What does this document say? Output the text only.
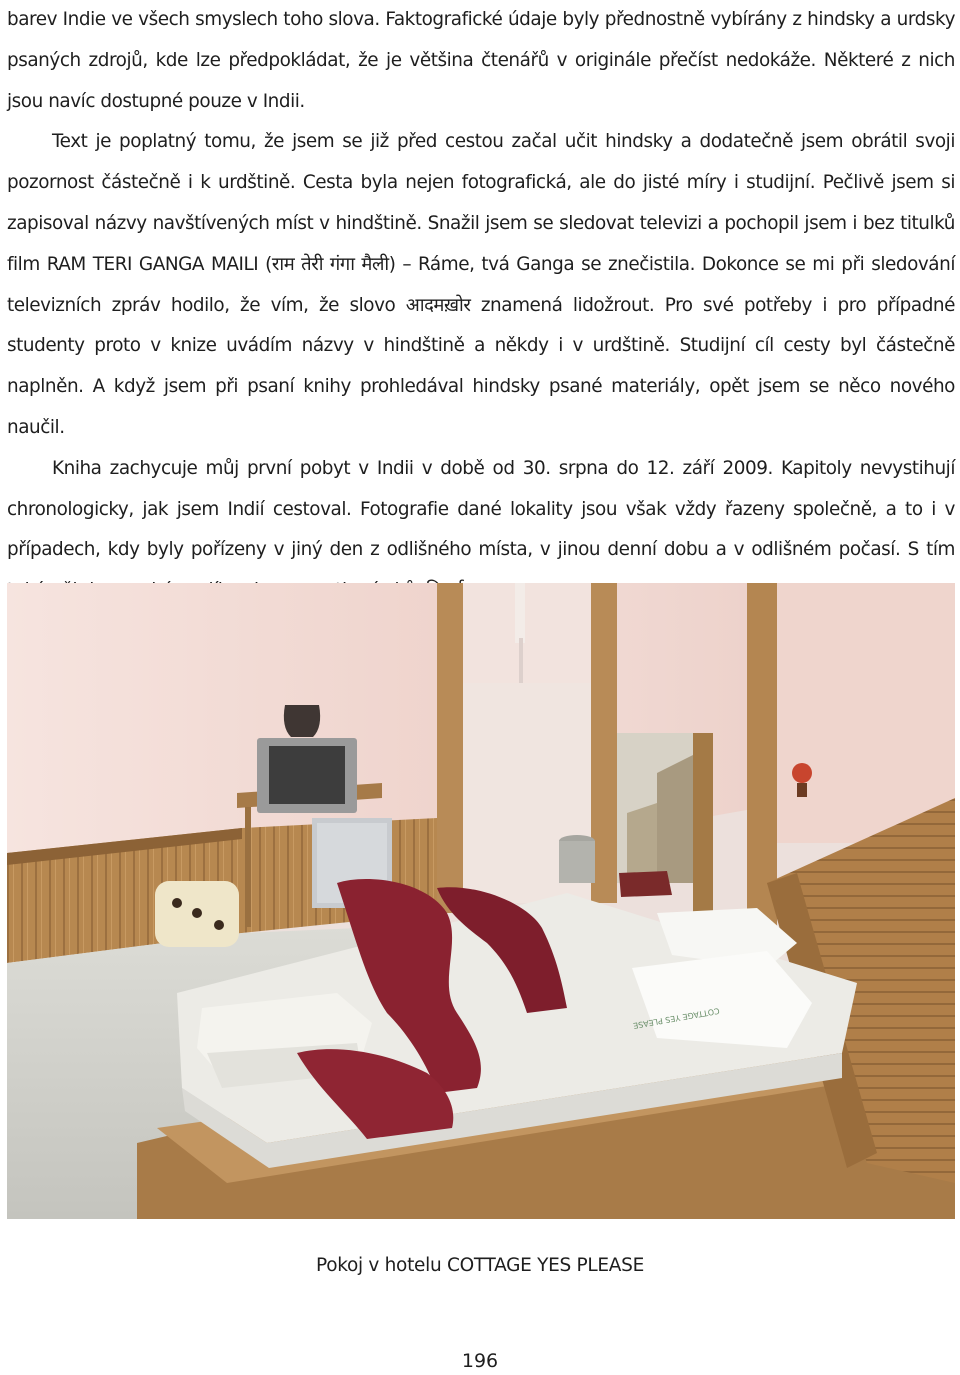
barev Indie ve všech smyslech toho slova. Faktografické údaje byly přednostně vybírány z hindsky a urdsky psaných zdrojů, kde lze předpokládat, že je většina čtenářů v originále přečíst nedokáže. Některé z nich jsou navíc dostupné pouze v Indii.

Text je poplatný tomu, že jsem se již před cestou začal učit hindsky a dodatečně jsem obrátil svoji pozornost částečně i k urdštině. Cesta byla nejen fotografická, ale do jisté míry i studijní. Pečlivě jsem si zapisoval názvy navštívených míst v hindštině. Snažil jsem se sledovat televizi a pochopil jsem i bez titulků film RAM TERI GANGA MAILI (राम तेरी गंगा मैली) – Ráme, tvá Ganga se znečistila. Dokonce se mi při sledování televizních zpráv hodilo, že vím, že slovo आदमख़ोर znamená lidožrout. Pro své potřeby i pro případné studenty proto v knize uvádím názvy v hindštině a někdy i v urdštině. Studijní cíl cesty byl částečně naplněn. A když jsem při psaní knihy prohledával hindsky psané materiály, opět jsem se něco nového naučil.

Kniha zachycuje můj první pobyt v Indii v době od 30. srpna do 12. září 2009. Kapitoly nevystihují chronologicky, jak jsem Indií cestoval. Fotografie dané lokality jsou však vždy řazeny společně, a to i v případech, kdy byly pořízeny v jiný den z odlišného místa, v jinou denní dobu a v odlišném počasí. S tím

COTTAGE YES PLEASE
Pokoj v hotelu COTTAGE YES PLEASE
196
